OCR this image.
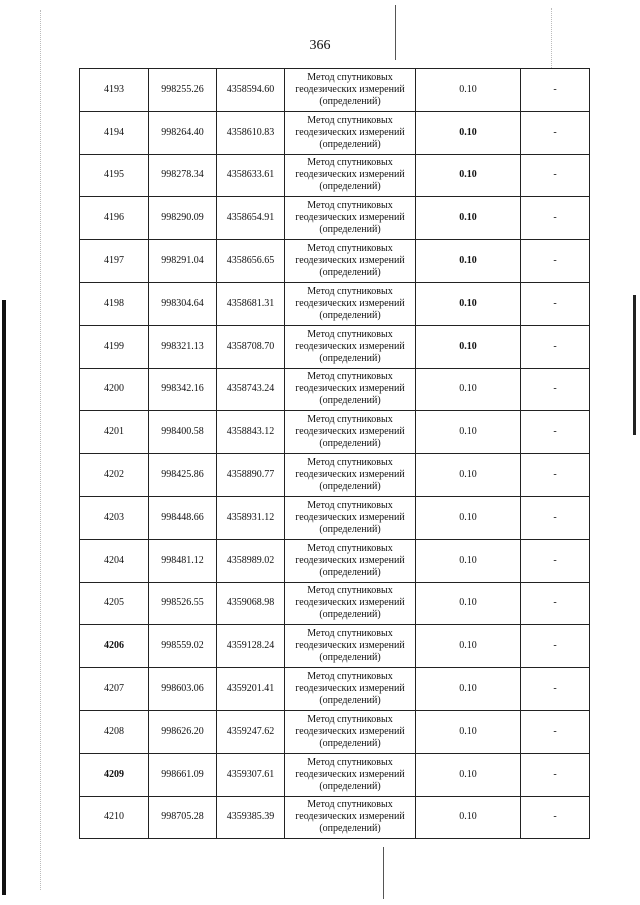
366
4193	998255.26	4358594.60	Метод спутниковых
геодезических измерений
(определений)	0.10	-
4194	998264.40	4358610.83	Метод спутниковых
геодезических измерений
(определений)	0.10	-
4195	998278.34	4358633.61	Метод спутниковых
геодезических измерений
(определений)	0.10	-
4196	998290.09	4358654.91	Метод спутниковых
геодезических измерений
(определений)	0.10	-
4197	998291.04	4358656.65	Метод спутниковых
геодезических измерений
(определений)	0.10	-
4198	998304.64	4358681.31	Метод спутниковых
геодезических измерений
(определений)	0.10	-
4199	998321.13	4358708.70	Метод спутниковых
геодезических измерений
(определений)	0.10	-
4200	998342.16	4358743.24	Метод спутниковых
геодезических измерений
(определений)	0.10	-
4201	998400.58	4358843.12	Метод спутниковых
геодезических измерений
(определений)	0.10	-
4202	998425.86	4358890.77	Метод спутниковых
геодезических измерений
(определений)	0.10	-
4203	998448.66	4358931.12	Метод спутниковых
геодезических измерений
(определений)	0.10	-
4204	998481.12	4358989.02	Метод спутниковых
геодезических измерений
(определений)	0.10	-
4205	998526.55	4359068.98	Метод спутниковых
геодезических измерений
(определений)	0.10	-
4206	998559.02	4359128.24	Метод спутниковых
геодезических измерений
(определений)	0.10	-
4207	998603.06	4359201.41	Метод спутниковых
геодезических измерений
(определений)	0.10	-
4208	998626.20	4359247.62	Метод спутниковых
геодезических измерений
(определений)	0.10	-
4209	998661.09	4359307.61	Метод спутниковых
геодезических измерений
(определений)	0.10	-
4210	998705.28	4359385.39	Метод спутниковых
геодезических измерений
(определений)	0.10	-
